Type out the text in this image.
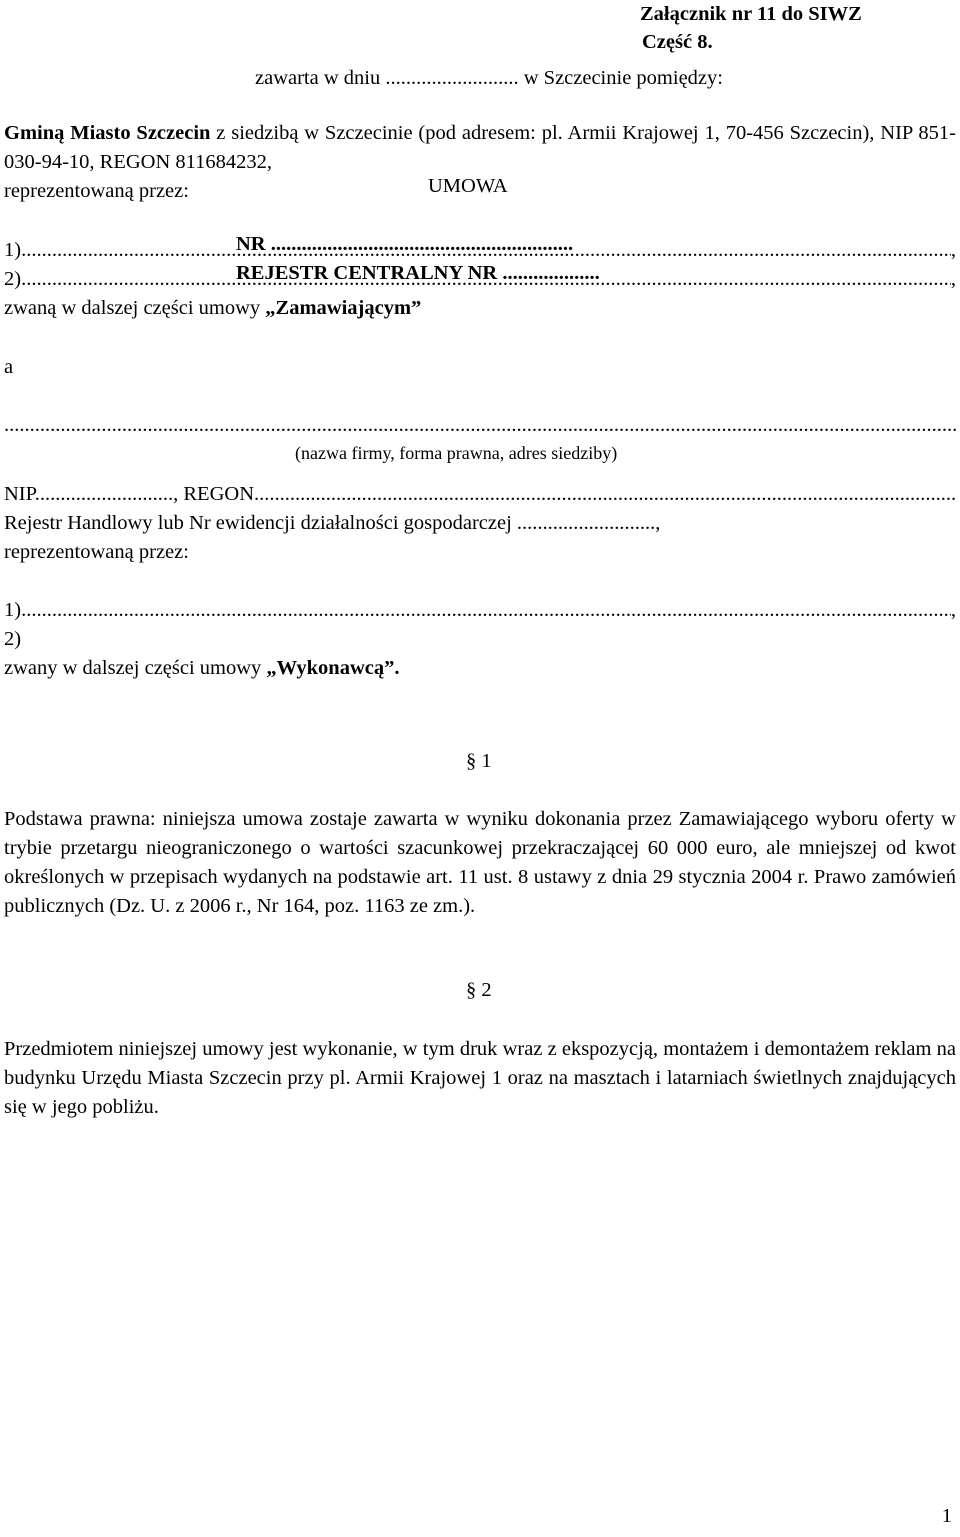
Załącznik nr 11 do SIWZ
Część 8.
UMOWA
NR ...........................................................
REJESTR CENTRALNY NR ...................
zawarta w dniu .......................... w Szczecinie pomiędzy:
Gminą Miasto Szczecin z siedzibą w Szczecinie (pod adresem: pl. Armii Krajowej 1, 70-456 Szczecin), NIP 851-030-94-10, REGON 811684232,
reprezentowaną przez:
1) .....	,
2) .....	,
zwaną w dalszej części umowy „Zamawiającym”
a
.....
(nazwa firmy, forma prawna, adres siedziby)
NIP..........................., REGON
.....
Rejestr Handlowy lub Nr ewidencji działalności gospodarczej ...........................,
reprezentowaną przez:
1) .....	,
2)
zwany w dalszej części umowy „Wykonawcą”.
§ 1
Podstawa prawna: niniejsza umowa zostaje zawarta w wyniku dokonania przez Zamawiającego wyboru oferty w trybie przetargu nieograniczonego o wartości szacunkowej przekraczającej 60 000 euro, ale mniejszej od kwot określonych w przepisach wydanych na podstawie art. 11 ust. 8 ustawy z dnia 29 stycznia 2004 r. Prawo zamówień publicznych (Dz. U. z 2006 r., Nr 164, poz. 1163 ze zm.).
§ 2
Przedmiotem niniejszej umowy jest wykonanie, w tym druk wraz z ekspozycją, montażem i demontażem reklam na budynku Urzędu Miasta Szczecin przy pl. Armii Krajowej 1 oraz na masztach i latarniach świetlnych znajdujących się w jego pobliżu.
1
